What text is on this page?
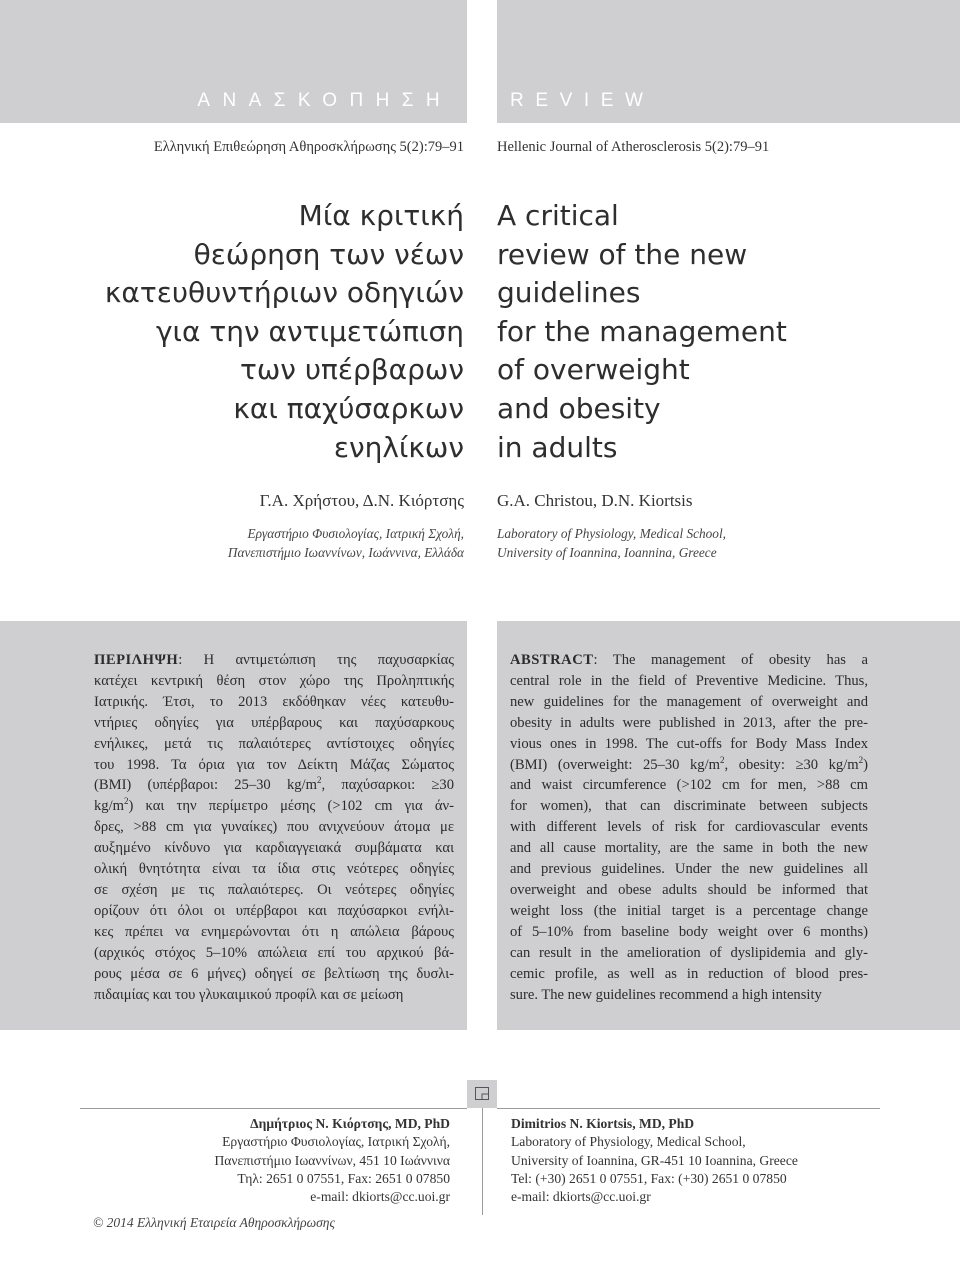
ΑΝΑΣΚΟΠΗΣΗ	REVIEW
Ελληνική Επιθεώρηση Αθηροσκλήρωσης 5(2):79–91 Hellenic Journal of Atherosclerosis 5(2):79–91
Μία κριτική
θεώρηση των νέων
κατευθυντήριων οδηγιών
για την αντιμετώπιση
των υπέρβαρων
και παχύσαρκων
ενηλίκων
A critical
review of the new
guidelines
for the management
of overweight
and obesity
in adults
Γ.Α. Χρήστου, Δ.Ν. Κιόρτσης G.A. Christou, D.N. Kiortsis
Εργαστήριο Φυσιολογίας, Ιατρική Σχολή,
Πανεπιστήμιο Ιωαννίνων, Ιωάννινα, Ελλάδα
Laboratory of Physiology, Medical School,
University of Ioannina, Ioannina, Greece
ΠΕΡΙΛΗΨΗ: Η αντιμετώπιση της παχυσαρκίας
κατέχει κεντρική θέση στον χώρο της Προληπτικής
Ιατρικής. Έτσι, το 2013 εκδόθηκαν νέες κατευθυ-
ντήριες οδηγίες για υπέρβαρους και παχύσαρκους
ενήλικες, μετά τις παλαιότερες αντίστοιχες οδηγίες
του 1998. Τα όρια για τον Δείκτη Μάζας Σώματος
(BMI) (υπέρβαροι: 25–30 $kg/m^2$, παχύσαρκοι: ≥30
$kg/m^2$) και την περίμετρο μέσης (>102 cm για άν-
δρες, >88 cm για γυναίκες) που ανιχνεύουν άτομα με
αυξημένο κίνδυνο για καρδιαγγειακά συμβάματα και
ολική θνητότητα είναι τα ίδια στις νεότερες οδηγίες
σε σχέση με τις παλαιότερες. Οι νεότερες οδηγίες
ορίζουν ότι όλοι οι υπέρβαροι και παχύσαρκοι ενήλι-
κες πρέπει να ενημερώνονται ότι η απώλεια βάρους
(αρχικός στόχος 5–10% απώλεια επί του αρχικού βά-
ρους μέσα σε 6 μήνες) οδηγεί σε βελτίωση της δυσλι-
πιδαιμίας και του γλυκαιμικού προφίλ και σε μείωση
ABSTRACT: The management of obesity has a
central role in the field of Preventive Medicine. Thus,
new guidelines for the management of overweight and
obesity in adults were published in 2013, after the pre-
vious ones in 1998. The cut-offs for Body Mass Index
(BMI) (overweight: 25–30 $kg/m^2$, obesity: ≥30 $kg/m^2$)
and waist circumference (>102 cm for men, >88 cm
for women), that can discriminate between subjects
with different levels of risk for cardiovascular events
and all cause mortality, are the same in both the new
and previous guidelines. Under the new guidelines all
overweight and obese adults should be informed that
weight loss (the initial target is a percentage change
of 5–10% from baseline body weight over 6 months)
can result in the amelioration of dyslipidemia and gly-
cemic profile, as well as in reduction of blood pres-
sure. The new guidelines recommend a high intensity
Δημήτριος Ν. Κιόρτσης, MD, PhD
Εργαστήριο Φυσιολογίας, Ιατρική Σχολή,
Πανεπιστήμιο Ιωαννίνων, 451 10 Ιωάννινα
Τηλ: 2651 0 07551, Fax: 2651 0 07850
e-mail: dkiorts@cc.uoi.gr
Dimitrios N. Kiortsis, MD, PhD
Laboratory of Physiology, Medical School,
University of Ioannina, GR-451 10 Ioannina, Greece
Tel: (+30) 2651 0 07551, Fax: (+30) 2651 0 07850
e-mail: dkiorts@cc.uoi.gr
© 2014 Ελληνική Εταιρεία Αθηροσκλήρωσης
